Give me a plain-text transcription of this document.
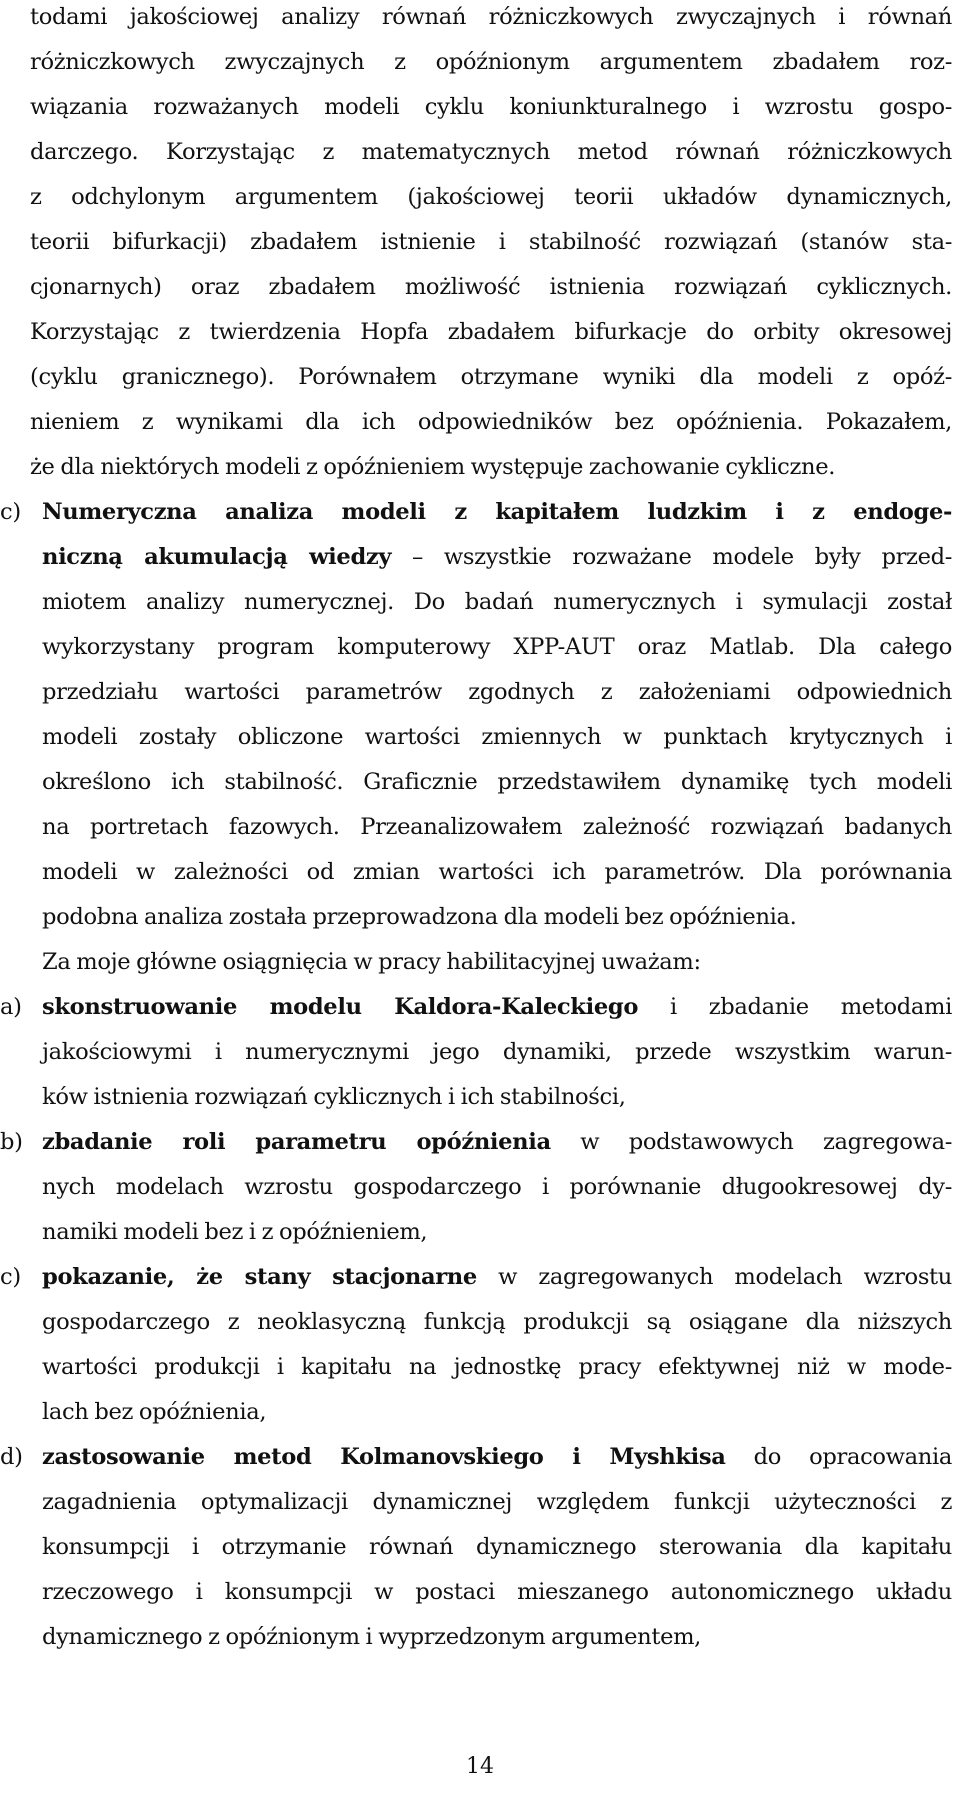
todami jakościowej analizy równań różniczkowych zwyczajnych i równań
różniczkowych zwyczajnych z opóźnionym argumentem zbadałem roz-
wiązania rozważanych modeli cyklu koniunkturalnego i wzrostu gospo-
darczego. Korzystając z matematycznych metod równań różniczkowych
z odchylonym argumentem (jakościowej teorii układów dynamicznych,
teorii bifurkacji) zbadałem istnienie i stabilność rozwiązań (stanów sta-
cjonarnych) oraz zbadałem możliwość istnienia rozwiązań cyklicznych.
Korzystając z twierdzenia Hopfa zbadałem bifurkacje do orbity okresowej
(cyklu granicznego). Porównałem otrzymane wyniki dla modeli z opóź-
nieniem z wynikami dla ich odpowiedników bez opóźnienia. Pokazałem,
że dla niektórych modeli z opóźnieniem występuje zachowanie cykliczne.
c) Numeryczna analiza modeli z kapitałem ludzkim i z endoge-
niczną akumulacją wiedzy – wszystkie rozważane modele były przed-
miotem analizy numerycznej. Do badań numerycznych i symulacji został
wykorzystany program komputerowy XPP-AUT oraz Matlab. Dla całego
przedziału wartości parametrów zgodnych z założeniami odpowiednich
modeli zostały obliczone wartości zmiennych w punktach krytycznych i
określono ich stabilność. Graficznie przedstawiłem dynamikę tych modeli
na portretach fazowych. Przeanalizowałem zależność rozwiązań badanych
modeli w zależności od zmian wartości ich parametrów. Dla porównania
podobna analiza została przeprowadzona dla modeli bez opóźnienia.
Za moje główne osiągnięcia w pracy habilitacyjnej uważam:
a) skonstruowanie modelu Kaldora-Kaleckiego i zbadanie metodami
jakościowymi i numerycznymi jego dynamiki, przede wszystkim warun-
ków istnienia rozwiązań cyklicznych i ich stabilności,
b) zbadanie roli parametru opóźnienia w podstawowych zagregowa-
nych modelach wzrostu gospodarczego i porównanie długookresowej dy-
namiki modeli bez i z opóźnieniem,
c) pokazanie, że stany stacjonarne w zagregowanych modelach wzrostu
gospodarczego z neoklasyczną funkcją produkcji są osiągane dla niższych
wartości produkcji i kapitału na jednostkę pracy efektywnej niż w mode-
lach bez opóźnienia,
d) zastosowanie metod Kolmanovskiego i Myshkisa do opracowania
zagadnienia optymalizacji dynamicznej względem funkcji użyteczności z
konsumpcji i otrzymanie równań dynamicznego sterowania dla kapitału
rzeczowego i konsumpcji w postaci mieszanego autonomicznego układu
dynamicznego z opóźnionym i wyprzedzonym argumentem,
14
